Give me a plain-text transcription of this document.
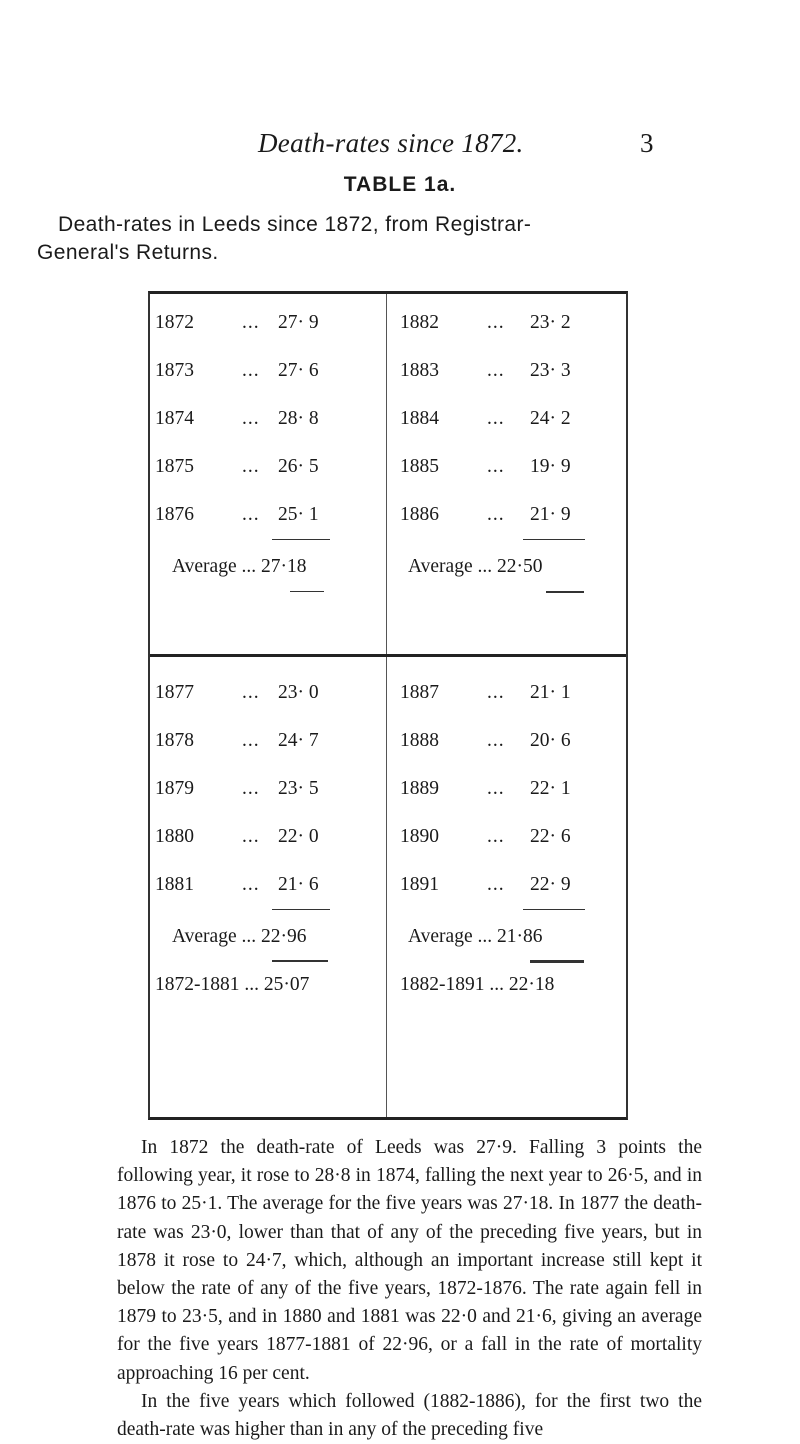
Death-rates since 1872.	3
TABLE 1a.
Death-rates in Leeds since 1872, from Registrar-
General's Returns.
1872 ... 27· 9	1882 ... 23· 2
1873 ... 27· 6	1883 ... 23· 3
1874 ... 28· 8	1884 ... 24· 2
1875 ... 26· 5	1885 ... 19· 9
1876 ... 25· 1	1886 ... 21· 9
Average ... 27·18	Average ... 22·50
1877 ... 23· 0	1887 ... 21· 1
1878 ... 24· 7	1888 ... 20· 6
1879 ... 23· 5	1889 ... 22· 1
1880 ... 22· 0	1890 ... 22· 6
1881 ... 21· 6	1891 ... 22· 9
Average ... 22·96	Average ... 21·86
1872-1881 ... 25·07	1882-1891 ... 22·18

In 1872 the death-rate of Leeds was 27·9. Falling 3 points the following year, it rose to 28·8 in 1874, falling the next year to 26·5, and in 1876 to 25·1. The average for the five years was 27·18. In 1877 the death-rate was 23·0, lower than that of any of the preceding five years, but in 1878 it rose to 24·7, which, although an important increase still kept it below the rate of any of the five years, 1872-1876. The rate again fell in 1879 to 23·5, and in 1880 and 1881 was 22·0 and 21·6, giving an average for the five years 1877-1881 of 22·96, or a fall in the rate of mortality approaching 16 per cent.

In the five years which followed (1882-1886), for the first two the death-rate was higher than in any of the preceding five
